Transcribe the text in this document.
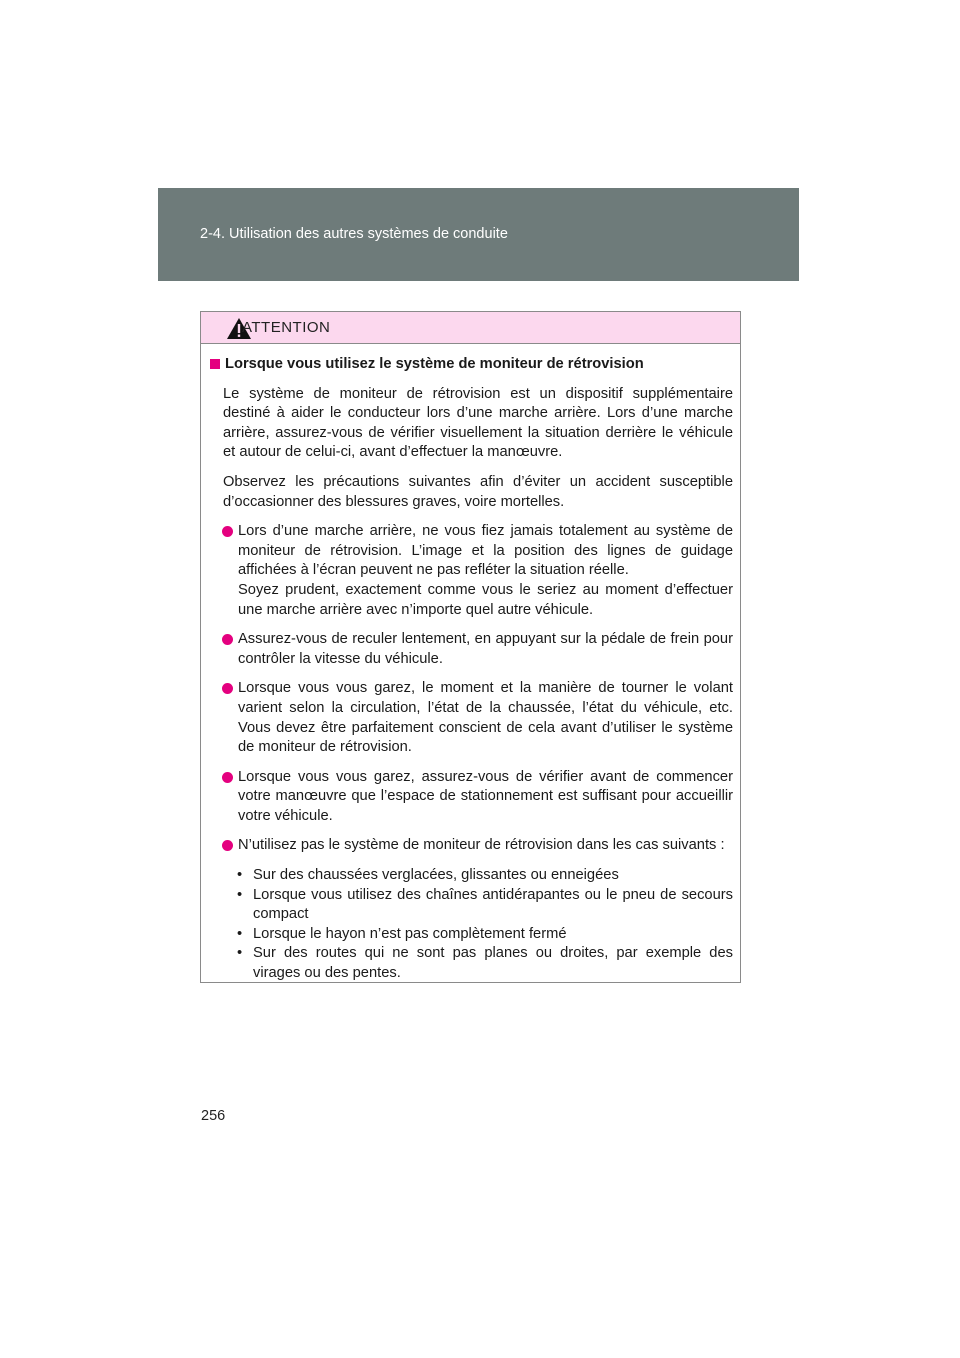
2-4. Utilisation des autres systèmes de conduite
ATTENTION
Lorsque vous utilisez le système de moniteur de rétrovision

Le système de moniteur de rétrovision est un dispositif supplémentaire destiné à aider le conducteur lors d’une marche arrière. Lors d’une marche arrière, assurez-vous de vérifier visuellement la situation derrière le véhicule et autour de celui-ci, avant d’effectuer la manœuvre.

Observez les précautions suivantes afin d’éviter un accident susceptible d’occasionner des blessures graves, voire mortelles.

Lors d’une marche arrière, ne vous fiez jamais totalement au système de moniteur de rétrovision. L’image et la position des lignes de guidage affichées à l’écran peuvent ne pas refléter la situation réelle.
Soyez prudent, exactement comme vous le seriez au moment d’effectuer une marche arrière avec n’importe quel autre véhicule.
Assurez-vous de reculer lentement, en appuyant sur la pédale de frein pour contrôler la vitesse du véhicule.
Lorsque vous vous garez, le moment et la manière de tourner le volant varient selon la circulation, l’état de la chaussée, l’état du véhicule, etc. Vous devez être parfaitement conscient de cela avant d’utiliser le système de moniteur de rétrovision.
Lorsque vous vous garez, assurez-vous de vérifier avant de commencer votre manœuvre que l’espace de stationnement est suffisant pour accueillir votre véhicule.
N’utilisez pas le système de moniteur de rétrovision dans les cas suivants :
• Sur des chaussées verglacées, glissantes ou enneigées
• Lorsque vous utilisez des chaînes antidérapantes ou le pneu de secours compact
• Lorsque le hayon n’est pas complètement fermé
• Sur des routes qui ne sont pas planes ou droites, par exemple des virages ou des pentes.
256
